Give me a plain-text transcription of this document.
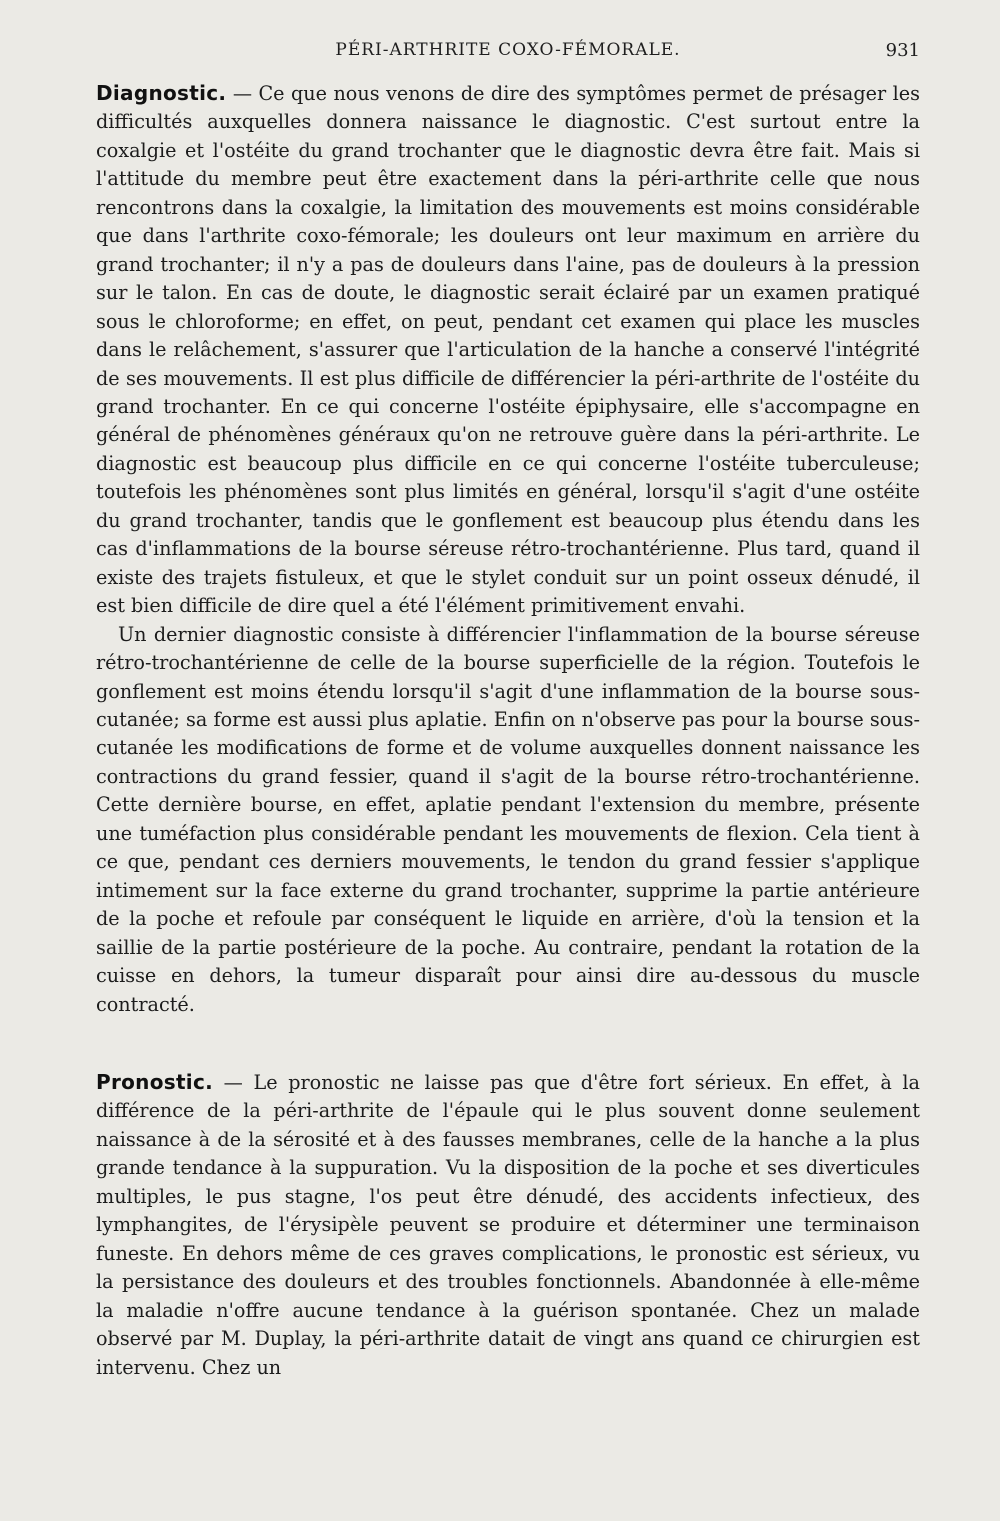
PÉRI-ARTHRITE COXO-FÉMORALE.	931

Diagnostic. — Ce que nous venons de dire des symptômes permet de présager les difficultés auxquelles donnera naissance le diagnostic. C'est surtout entre la coxalgie et l'ostéite du grand trochanter que le diagnostic devra être fait. Mais si l'attitude du membre peut être exactement dans la péri-arthrite celle que nous rencontrons dans la coxalgie, la limitation des mouvements est moins considérable que dans l'arthrite coxo-fémorale; les douleurs ont leur maximum en arrière du grand trochanter; il n'y a pas de douleurs dans l'aine, pas de douleurs à la pression sur le talon. En cas de doute, le diagnostic serait éclairé par un examen pratiqué sous le chloroforme; en effet, on peut, pendant cet examen qui place les muscles dans le relâchement, s'assurer que l'articulation de la hanche a conservé l'intégrité de ses mouvements. Il est plus difficile de différencier la péri-arthrite de l'ostéite du grand trochanter. En ce qui concerne l'ostéite épiphysaire, elle s'accompagne en général de phénomènes généraux qu'on ne retrouve guère dans la péri-arthrite. Le diagnostic est beaucoup plus difficile en ce qui concerne l'ostéite tuberculeuse; toutefois les phénomènes sont plus limités en général, lorsqu'il s'agit d'une ostéite du grand trochanter, tandis que le gonflement est beaucoup plus étendu dans les cas d'inflammations de la bourse séreuse rétro-trochantérienne. Plus tard, quand il existe des trajets fistuleux, et que le stylet conduit sur un point osseux dénudé, il est bien difficile de dire quel a été l'élément primitivement envahi.

Un dernier diagnostic consiste à différencier l'inflammation de la bourse séreuse rétro-trochantérienne de celle de la bourse superficielle de la région. Toutefois le gonflement est moins étendu lorsqu'il s'agit d'une inflammation de la bourse sous-cutanée; sa forme est aussi plus aplatie. Enfin on n'observe pas pour la bourse sous-cutanée les modifications de forme et de volume auxquelles donnent naissance les contractions du grand fessier, quand il s'agit de la bourse rétro-trochantérienne. Cette dernière bourse, en effet, aplatie pendant l'extension du membre, présente une tuméfaction plus considérable pendant les mouvements de flexion. Cela tient à ce que, pendant ces derniers mouvements, le tendon du grand fessier s'applique intimement sur la face externe du grand trochanter, supprime la partie antérieure de la poche et refoule par conséquent le liquide en arrière, d'où la tension et la saillie de la partie postérieure de la poche. Au contraire, pendant la rotation de la cuisse en dehors, la tumeur disparaît pour ainsi dire au-dessous du muscle contracté.

Pronostic. — Le pronostic ne laisse pas que d'être fort sérieux. En effet, à la différence de la péri-arthrite de l'épaule qui le plus souvent donne seulement naissance à de la sérosité et à des fausses membranes, celle de la hanche a la plus grande tendance à la suppuration. Vu la disposition de la poche et ses diverticules multiples, le pus stagne, l'os peut être dénudé, des accidents infectieux, des lymphangites, de l'érysipèle peuvent se produire et déterminer une terminaison funeste. En dehors même de ces graves complications, le pronostic est sérieux, vu la persistance des douleurs et des troubles fonctionnels. Abandonnée à elle-même la maladie n'offre aucune tendance à la guérison spontanée. Chez un malade observé par M. Duplay, la péri-arthrite datait de vingt ans quand ce chirurgien est intervenu. Chez un
